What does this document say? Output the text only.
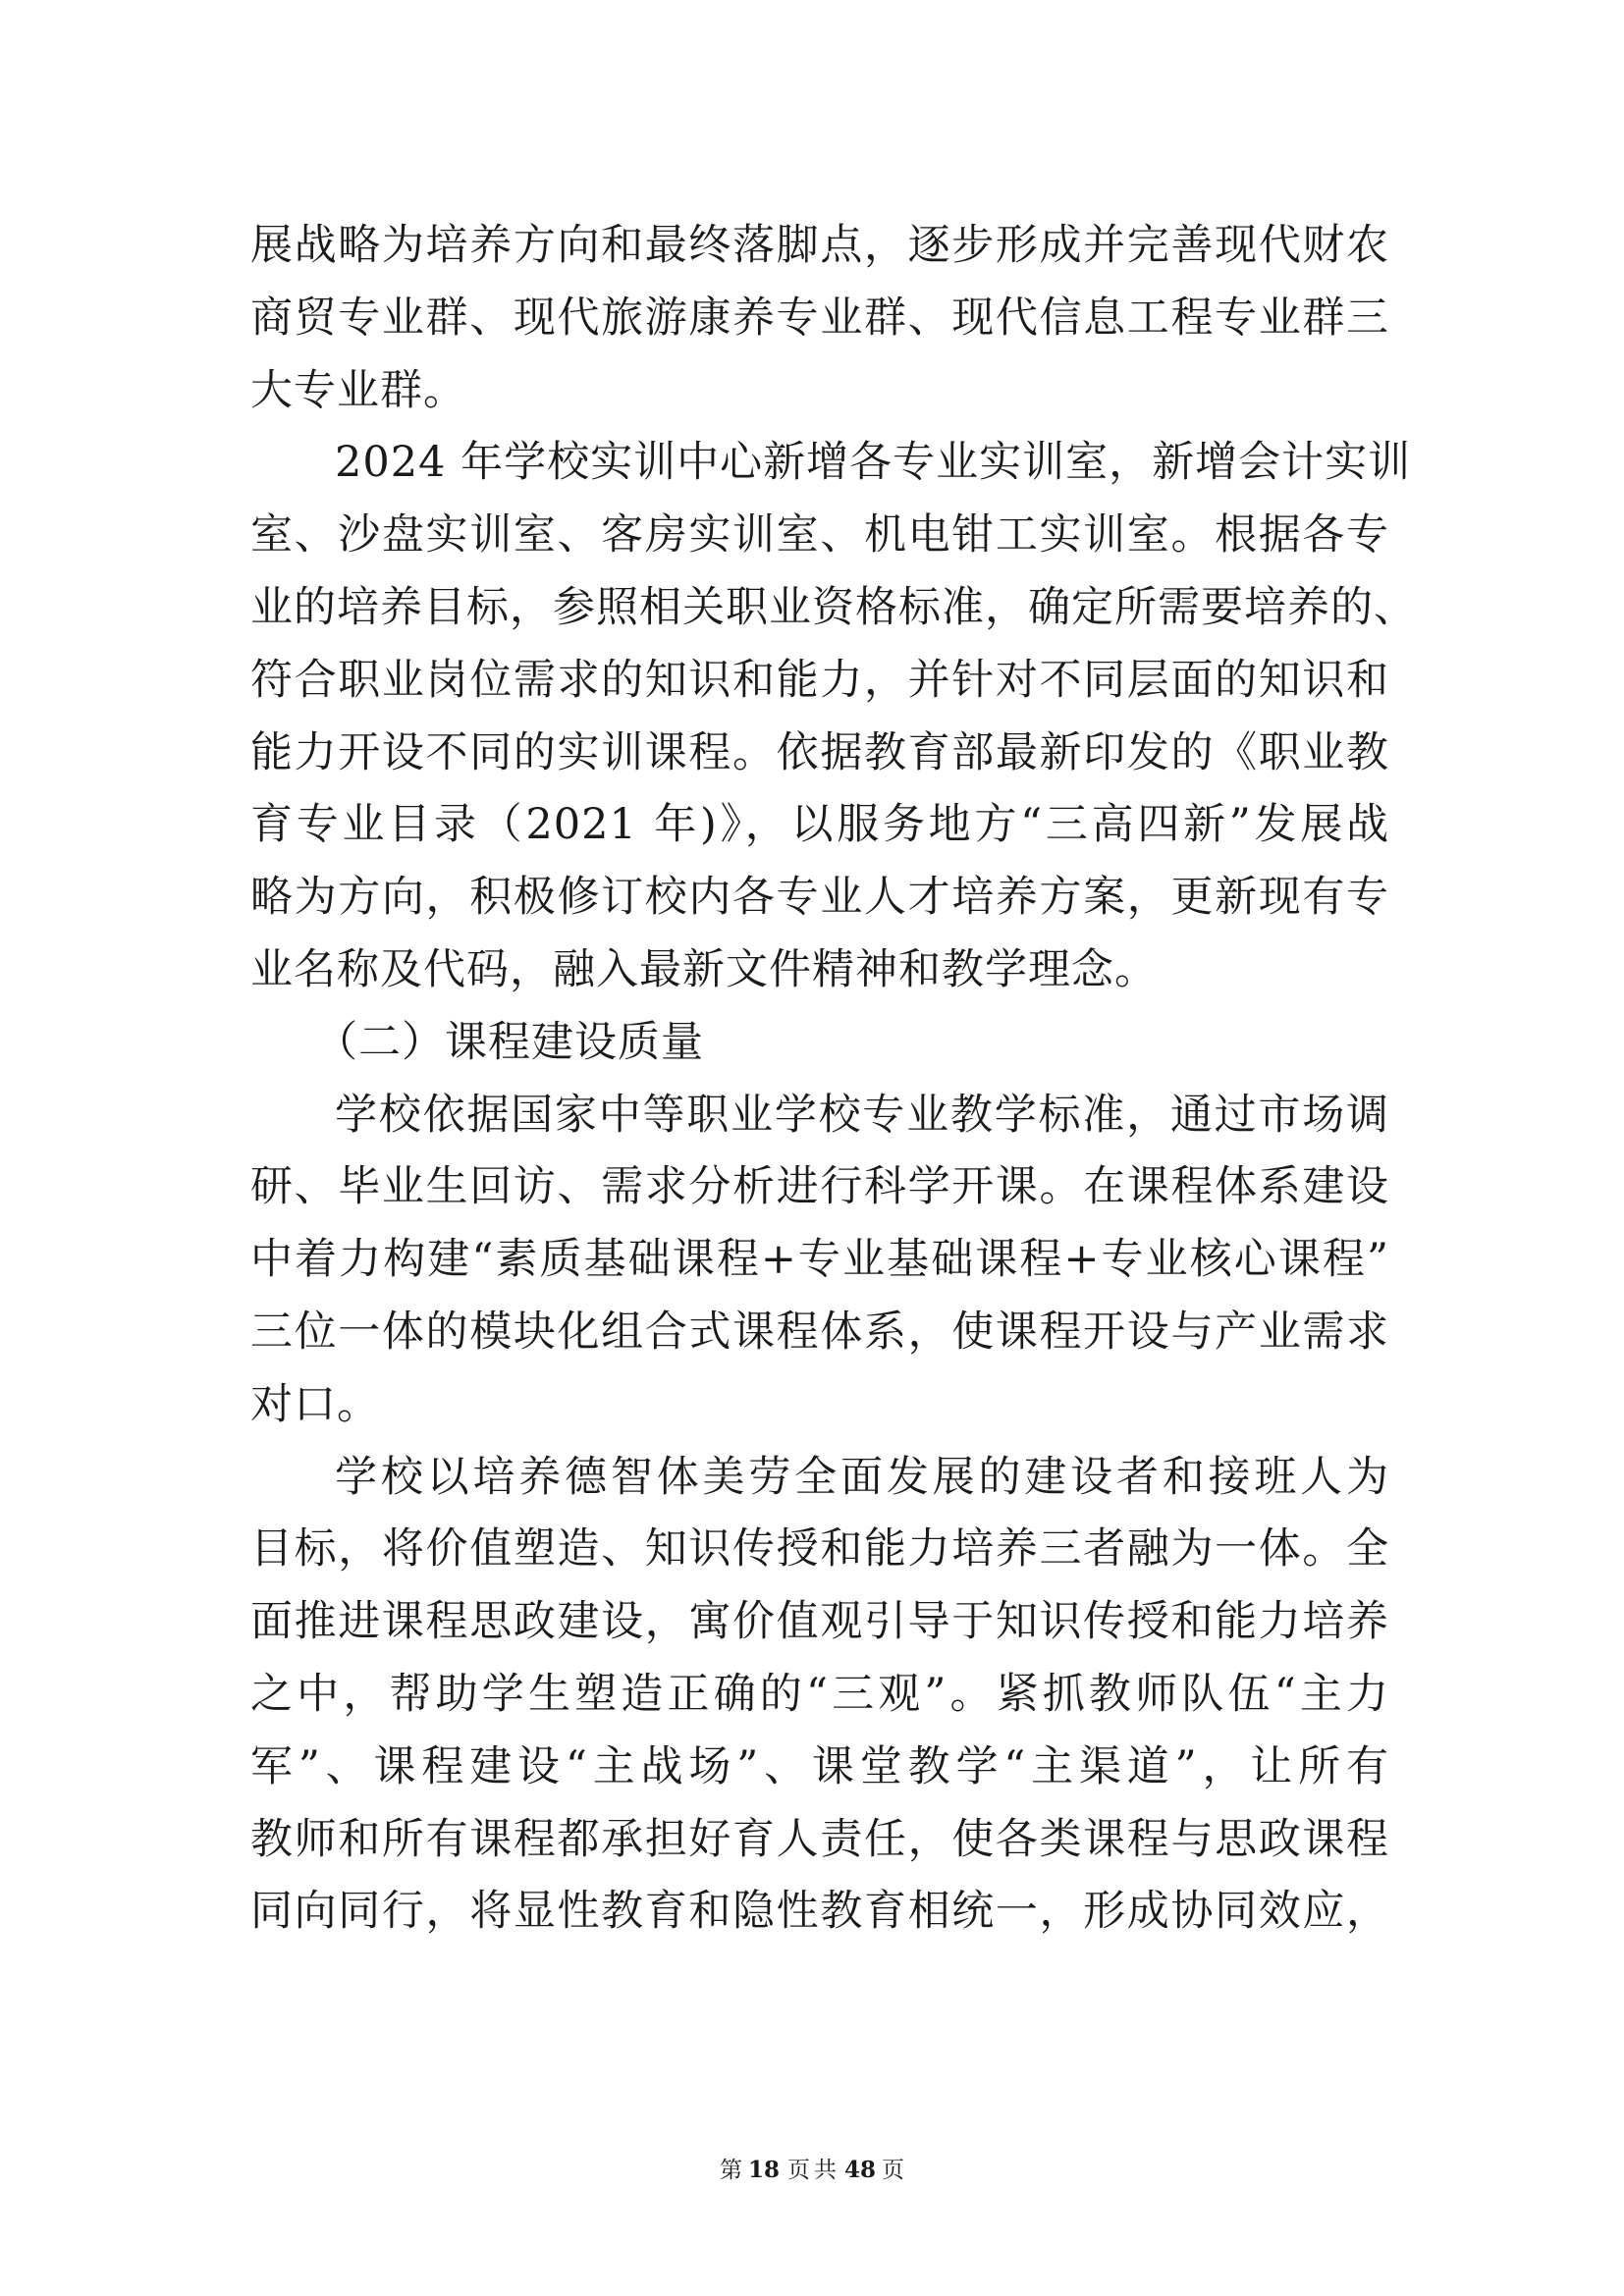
展战略为培养方向和最终落脚点，逐步形成并完善现代财农
商贸专业群、现代旅游康养专业群、现代信息工程专业群三
大专业群。
2024 年学校实训中心新增各专业实训室，新增会计实训
室、沙盘实训室、客房实训室、机电钳工实训室。根据各专
业的培养目标，参照相关职业资格标准，确定所需要培养的、
符合职业岗位需求的知识和能力，并针对不同层面的知识和
能力开设不同的实训课程。依据教育部最新印发的《职业教
育专业目录（2021 年)》，以服务地方“三高四新”发展战
略为方向，积极修订校内各专业人才培养方案，更新现有专
业名称及代码，融入最新文件精神和教学理念。
（二）课程建设质量
学校依据国家中等职业学校专业教学标准，通过市场调
研、毕业生回访、需求分析进行科学开课。在课程体系建设
中着力构建“素质基础课程+专业基础课程+专业核心课程”
三位一体的模块化组合式课程体系，使课程开设与产业需求
对口。
学校以培养德智体美劳全面发展的建设者和接班人为
目标，将价值塑造、知识传授和能力培养三者融为一体。全
面推进课程思政建设，寓价值观引导于知识传授和能力培养
之中，帮助学生塑造正确的“三观”。紧抓教师队伍“主力
军”、课程建设“主战场”、课堂教学“主渠道”，让所有
教师和所有课程都承担好育人责任，使各类课程与思政课程
同向同行，将显性教育和隐性教育相统一，形成协同效应，
第 18 页 共 48 页
